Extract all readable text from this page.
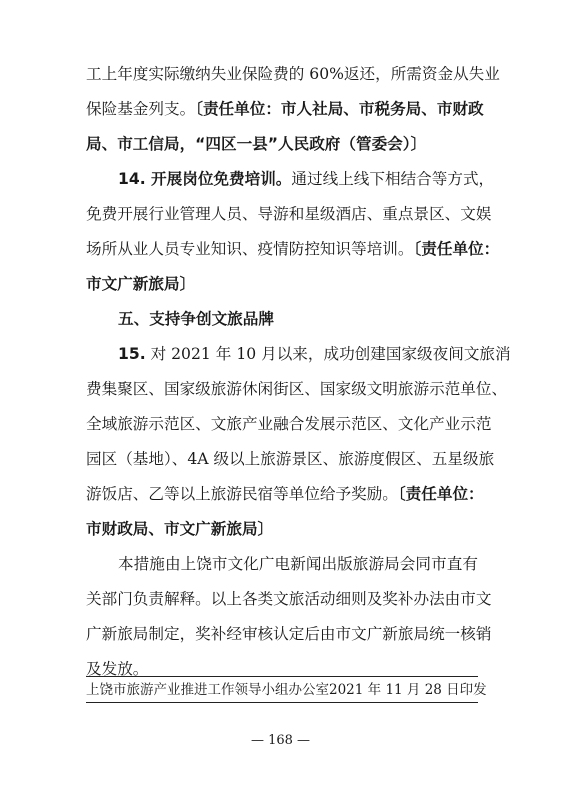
工上年度实际缴纳失业保险费的 60%返还，所需资金从失业
保险基金列支。〔责任单位：市人社局、市税务局、市财政
局、市工信局，“四区一县”人民政府（管委会）〕
14. 开展岗位免费培训。通过线上线下相结合等方式，
免费开展行业管理人员、导游和星级酒店、重点景区、文娱
场所从业人员专业知识、疫情防控知识等培训。〔责任单位：
市文广新旅局〕
五、支持争创文旅品牌
15. 对 2021 年 10 月以来，成功创建国家级夜间文旅消
费集聚区、国家级旅游休闲街区、国家级文明旅游示范单位、
全域旅游示范区、文旅产业融合发展示范区、文化产业示范
园区（基地）、4A 级以上旅游景区、旅游度假区、五星级旅
游饭店、乙等以上旅游民宿等单位给予奖励。〔责任单位：
市财政局、市文广新旅局〕
本措施由上饶市文化广电新闻出版旅游局会同市直有
关部门负责解释。以上各类文旅活动细则及奖补办法由市文
广新旅局制定，奖补经审核认定后由市文广新旅局统一核销
及发放。
上饶市旅游产业推进工作领导小组办公室 2021 年 11 月 28 日印发
— 168 —
